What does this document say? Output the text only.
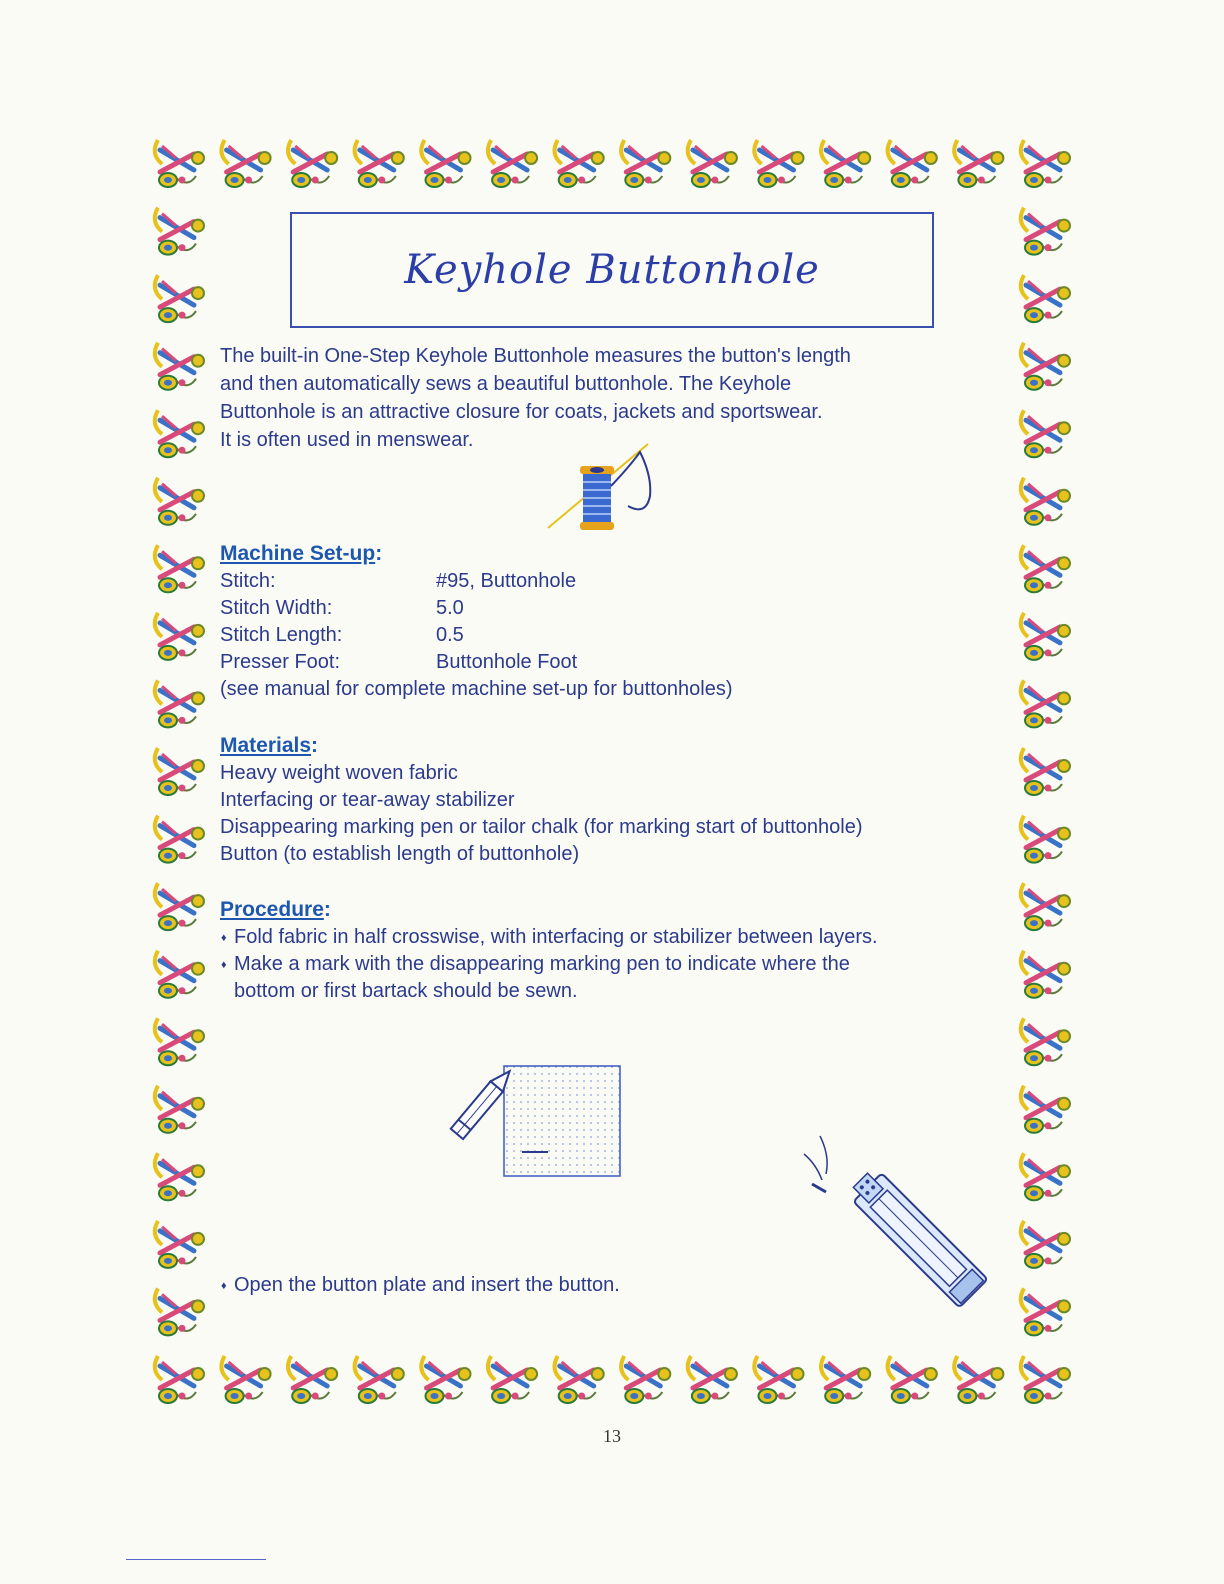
Keyhole Buttonhole

The built-in One-Step Keyhole Buttonhole measures the button's length
and then automatically sews a beautiful buttonhole. The Keyhole
Buttonhole is an attractive closure for coats, jackets and sportswear.
It is often used in menswear.

Machine Set-up:
Stitch:	#95, Buttonhole
Stitch Width:	5.0
Stitch Length:	0.5
Presser Foot:	Buttonhole Foot

(see manual for complete machine set-up for buttonholes)

Materials:
Heavy weight woven fabric
Interfacing or tear-away stabilizer
Disappearing marking pen or tailor chalk (for marking start of buttonhole)
Button (to establish length of buttonhole)
Procedure:
♦ Fold fabric in half crosswise, with interfacing or stabilizer between layers.
♦ Make a mark with the disappearing marking pen to indicate where the
bottom or first bartack should be sewn.
♦ Open the button plate and insert the button.
13
